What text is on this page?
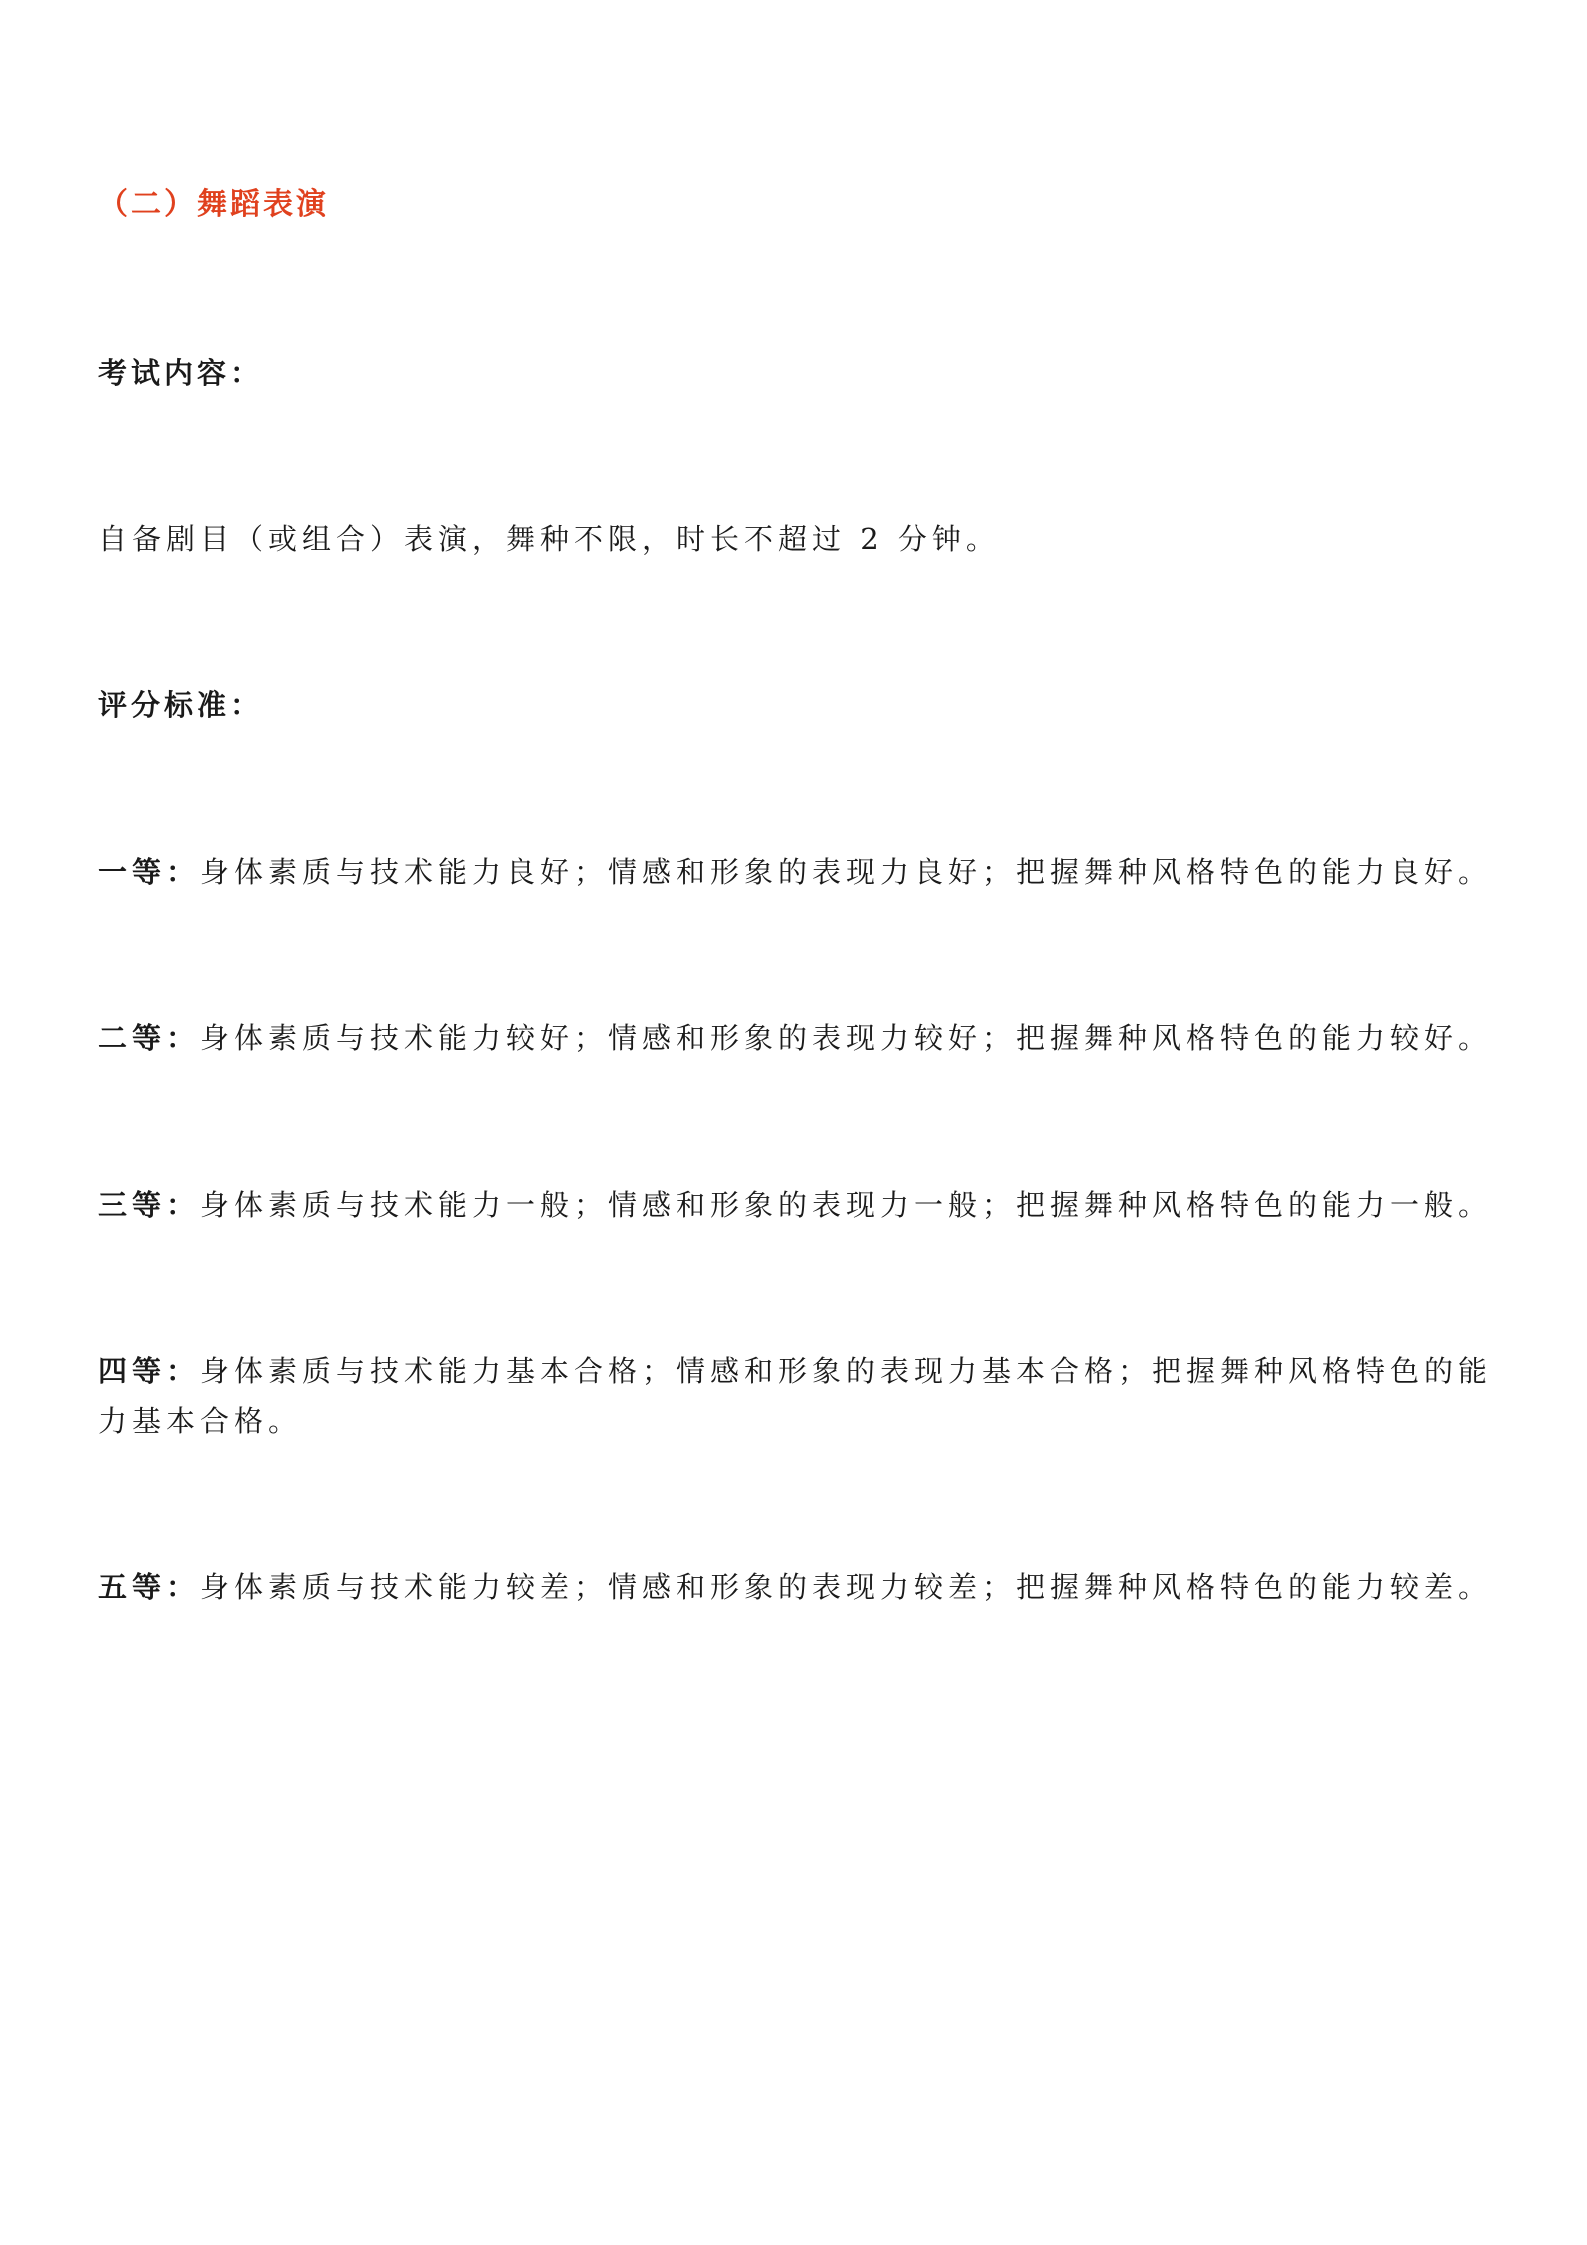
（二）舞蹈表演
考试内容：
自备剧目（或组合）表演，舞种不限，时长不超过 2 分钟。
评分标准：
一等：身体素质与技术能力良好；情感和形象的表现力良好；把握舞种风格特色的能力良好。
二等：身体素质与技术能力较好；情感和形象的表现力较好；把握舞种风格特色的能力较好。
三等：身体素质与技术能力一般；情感和形象的表现力一般；把握舞种风格特色的能力一般。
四等：身体素质与技术能力基本合格；情感和形象的表现力基本合格；把握舞种风格特色的能力基本合格。
五等：身体素质与技术能力较差；情感和形象的表现力较差；把握舞种风格特色的能力较差。
